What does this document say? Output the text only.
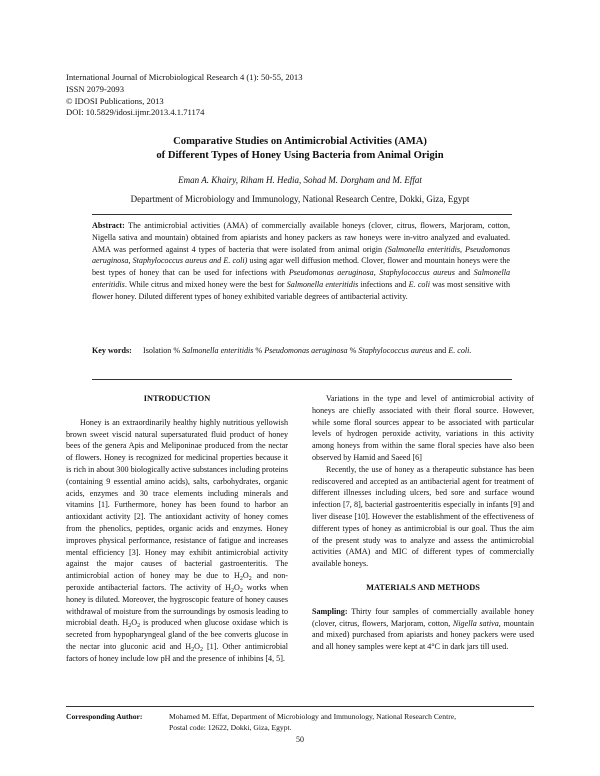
International Journal of Microbiological Research 4 (1): 50-55, 2013
ISSN 2079-2093
© IDOSI Publications, 2013
DOI: 10.5829/idosi.ijmr.2013.4.1.71174
Comparative Studies on Antimicrobial Activities (AMA)
of Different Types of Honey Using Bacteria from Animal Origin
Eman A. Khairy, Riham H. Hedia, Sohad M. Dorgham and M. Effat
Department of Microbiology and Immunology, National Research Centre, Dokki, Giza, Egypt
Abstract: The antimicrobial activities (AMA) of commercially available honeys (clover, citrus, flowers, Marjoram, cotton, Nigella sativa and mountain) obtained from apiarists and honey packers as raw honeys were in-vitro analyzed and evaluated. AMA was performed against 4 types of bacteria that were isolated from animal origin (Salmonella enteritidis, Pseudomonas aeruginosa, Staphylococcus aureus and E. coli) using agar well diffusion method. Clover, flower and mountain honeys were the best types of honey that can be used for infections with Pseudomonas aeruginosa, Staphylococcus aureus and Salmonella enteritidis. While citrus and mixed honey were the best for Salmonella enteritidis infections and E. coli was most sensitive with flower honey. Diluted different types of honey exhibited variable degrees of antibacterial activity.
Key words: Isolation % Salmonella enteritidis % Pseudomonas aeruginosa % Staphylococcus aureus and E. coli.
INTRODUCTION

Honey is an extraordinarily healthy highly nutritious yellowish brown sweet viscid natural supersaturated fluid product of honey bees of the genera Apis and Meliponinae produced from the nectar of flowers. Honey is recognized for medicinal properties because it is rich in about 300 biologically active substances including proteins (containing 9 essential amino acids), salts, carbohydrates, organic acids, enzymes and 30 trace elements including minerals and vitamins [1]. Furthermore, honey has been found to harbor an antioxidant activity [2]. The antioxidant activity of honey comes from the phenolics, peptides, organic acids and enzymes. Honey improves physical performance, resistance of fatigue and increases mental efficiency [3]. Honey may exhibit antimicrobial activity against the major causes of bacterial gastroenteritis. The antimicrobial action of honey may be due to $H_2O_2$ and non- peroxide antibacterial factors. The activity of $H_2O_2$ works when honey is diluted. Moreover, the hygroscopic feature of honey causes withdrawal of moisture from the surroundings by osmosis leading to microbial death. $H_2O_2$ is produced when glucose oxidase which is secreted from hypopharyngeal gland of the bee converts glucose in the nectar into gluconic acid and $H_2O_2$ [1]. Other antimicrobial factors of honey include low pH and the presence of inhibins [4, 5].

Variations in the type and level of antimicrobial activity of honeys are chiefly associated with their floral source. However, while some floral sources appear to be associated with particular levels of hydrogen peroxide activity, variations in this activity among honeys from within the same floral species have also been observed by Hamid and Saeed [6]

Recently, the use of honey as a therapeutic substance has been rediscovered and accepted as an antibacterial agent for treatment of different illnesses including ulcers, bed sore and surface wound infection [7, 8], bacterial gastroenteritis especially in infants [9] and liver disease [10]. However the establishment of the effectiveness of different types of honey as antimicrobial is our goal. Thus the aim of the present study was to analyze and assess the antimicrobial activities (AMA) and MIC of different types of commercially available honeys.

MATERIALS AND METHODS

Sampling: Thirty four samples of commercially available honey (clover, citrus, flowers, Marjoram, cotton, Nigella sativa, mountain and mixed) purchased from apiarists and honey packers were used and all honey samples were kept at 4°C in dark jars till used.

Corresponding Author:	Mohamed M. Effat, Department of Microbiology and Immunology, National Research Centre,
Postal code: 12622, Dokki, Giza, Egypt.
50
